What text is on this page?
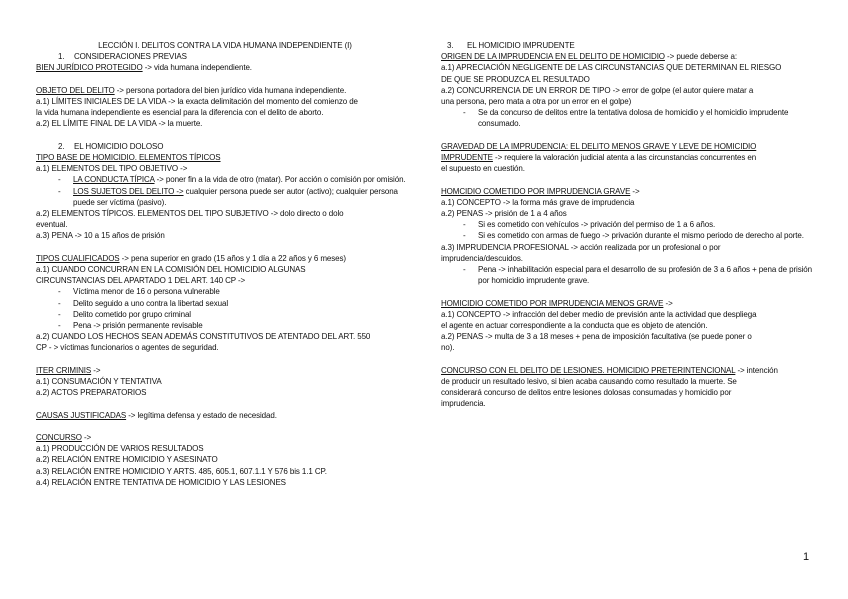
LECCIÓN I. DELITOS CONTRA LA VIDA HUMANA INDEPENDIENTE (I)
1. CONSIDERACIONES PREVIAS
BIEN JURÍDICO PROTEGIDO -> vida humana independiente.
OBJETO DEL DELITO -> persona portadora del bien jurídico vida humana independiente.
a.1) LÍMITES INICIALES DE LA VIDA -> la exacta delimitación del momento del comienzo de
la vida humana independiente es esencial para la diferencia con el delito de aborto.
a.2) EL LÍMITE FINAL DE LA VIDA -> la muerte.
2. EL HOMICIDIO DOLOSO
TIPO BASE DE HOMICIDIO. ELEMENTOS TÍPICOS
a.1) ELEMENTOS DEL TIPO OBJETIVO ->
- LA CONDUCTA TÍPICA -> poner fin a la vida de otro (matar). Por acción o comisión por omisión.
- LOS SUJETOS DEL DELITO -> cualquier persona puede ser autor (activo); cualquier persona puede ser víctima (pasivo).
a.2) ELEMENTOS TÍPICOS. ELEMENTOS DEL TIPO SUBJETIVO -> dolo directo o dolo
eventual.
a.3) PENA -> 10 a 15 años de prisión
TIPOS CUALIFICADOS -> pena superior en grado (15 años y 1 día a 22 años y 6 meses)
a.1) CUANDO CONCURRAN EN LA COMISIÓN DEL HOMICIDIO ALGUNAS
CIRCUNSTANCIAS DEL APARTADO 1 DEL ART. 140 CP ->
- Víctima menor de 16 o persona vulnerable
- Delito seguido a uno contra la libertad sexual
- Delito cometido por grupo criminal
- Pena -> prisión permanente revisable
a.2) CUANDO LOS HECHOS SEAN ADEMÁS CONSTITUTIVOS DE ATENTADO DEL ART. 550
CP - > víctimas funcionarios o agentes de seguridad.
ITER CRIMINIS ->
a.1) CONSUMACIÓN Y TENTATIVA
a.2) ACTOS PREPARATORIOS
CAUSAS JUSTIFICADAS -> legítima defensa y estado de necesidad.
CONCURSO ->
a.1) PRODUCCIÓN DE VARIOS RESULTADOS
a.2) RELACIÓN ENTRE HOMICIDIO Y ASESINATO
a.3) RELACIÓN ENTRE HOMICIDIO Y ARTS. 485, 605.1, 607.1.1 Y 576 bis 1.1 CP.
a.4) RELACIÓN ENTRE TENTATIVA DE HOMICIDIO Y LAS LESIONES
3. EL HOMICIDIO IMPRUDENTE
ORIGEN DE LA IMPRUDENCIA EN EL DELITO DE HOMICIDIO -> puede deberse a:
a.1) APRECIACIÓN NEGLIGENTE DE LAS CIRCUNSTANCIAS QUE DETERMINAN EL RIESGO
DE QUE SE PRODUZCA EL RESULTADO
a.2) CONCURRENCIA DE UN ERROR DE TIPO -> error de golpe (el autor quiere matar a
una persona, pero mata a otra por un error en el golpe)
- Se da concurso de delitos entre la tentativa dolosa de homicidio y el homicidio imprudente consumado.
GRAVEDAD DE LA IMPRUDENCIA: EL DELITO MENOS GRAVE Y LEVE DE HOMICIDIO
IMPRUDENTE -> requiere la valoración judicial atenta a las circunstancias concurrentes en
el supuesto en cuestión.
HOMCIDIO COMETIDO POR IMPRUDENCIA GRAVE ->
a.1) CONCEPTO -> la forma más grave de imprudencia
a.2) PENAS -> prisión de 1 a 4 años
- Si es cometido con vehículos -> privación del permiso de 1 a 6 años.
- Si es cometido con armas de fuego -> privación durante el mismo periodo de derecho al porte.
a.3) IMPRUDENCIA PROFESIONAL -> acción realizada por un profesional o por
imprudencia/descuidos.
- Pena -> inhabilitación especial para el desarrollo de su profesión de 3 a 6 años + pena de prisión por homicidio imprudente grave.
HOMICIDIO COMETIDO POR IMPRUDENCIA MENOS GRAVE ->
a.1) CONCEPTO -> infracción del deber medio de previsión ante la actividad que despliega
el agente en actuar correspondiente a la conducta que es objeto de atención.
a.2) PENAS -> multa de 3 a 18 meses + pena de imposición facultativa (se puede poner o
no).
CONCURSO CON EL DELITO DE LESIONES. HOMICIDIO PRETERINTENCIONAL -> intención
de producir un resultado lesivo, si bien acaba causando como resultado la muerte. Se
considerará concurso de delitos entre lesiones dolosas consumadas y homicidio por
imprudencia.
1
